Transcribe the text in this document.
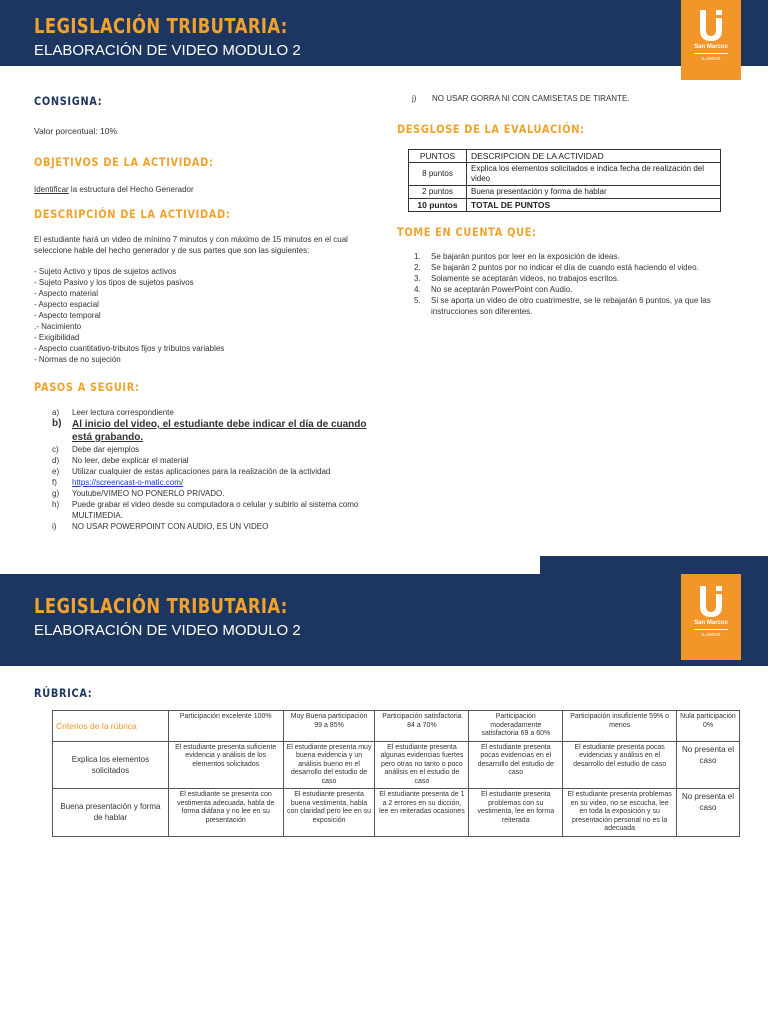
LEGISLACIÓN TRIBUTARIA:
ELABORACIÓN DE VIDEO MODULO 2	San Marcos
ILUMNO
CONSIGNA:
Valor porcentual: 10%
OBJETIVOS DE LA ACTIVIDAD:
Identificar la estructura del Hecho Generador
DESCRIPCIÓN DE LA ACTIVIDAD:
El estudiante hará un video de mínimo 7 minutos y con máximo de 15 minutos en el cual seleccione hable del hecho generador y de sus partes que son las siguientes:
- Sujeto Activo y tipos de sujetos activos
- Sujeto Pasivo y los tipos de sujetos pasivos
- Aspecto material
- Aspecto espacial
- Aspecto temporal
.- Nacimiento
- Exigibilidad
- Aspecto cuantitativo-tributos fijos y tributos variables
- Normas de no sujeción
PASOS A SEGUIR:
a)	Leer lectura correspondiente
b)	Al inicio del video, el estudiante debe indicar el día de cuando está grabando.
c)	Debe dar ejemplos
d)	No leer, debe explicar el material
e)	Utilizar cualquier de estas aplicaciones para la realización de la actividad
f)	https://screencast-o-matic.com/
g)	Youtube/VIMEO NO PONERLO PRIVADO.
h)	Puede grabar el video desde su computadora o celular y subirlo al sistema como MULTIMEDIA.
i)	NO USAR POWERPOINT CON AUDIO, ES UN VIDEO
j)	NO USAR GORRA NI CON CAMISETAS DE TIRANTE.
DESGLOSE DE LA EVALUACIÓN:
PUNTOS	DESCRIPCION DE LA ACTIVIDAD
8 puntos	Explica los elementos solicitados e indica fecha de realización del video
2 puntos	Buena presentación y forma de hablar
10 puntos	TOTAL DE PUNTOS
TOME EN CUENTA QUE:
1.	Se bajarán puntos por leer en la exposición de ideas.
2.	Se bajarán 2 puntos por no indicar el día de cuando está haciendo el video.
3.	Solamente se aceptarán videos, no trabajos escritos.
4.	No se aceptarán PowerPoint con Audio.
5.	Si se aporta un video de otro cuatrimestre, se le rebajarán 6 puntos, ya que las instrucciones son diferentes.
LEGISLACIÓN TRIBUTARIA:
ELABORACIÓN DE VIDEO MODULO 2	San Marcos
ILUMNO
RÚBRICA:
Criterios de la rúbrica	Participación excelente 100%	Muy Buena participación 99 a 85%	Participación satisfactoria 84 a 70%	Participación moderadamente satisfactoria 69 a 60%	Participación insuficiente 59% o menos	Nula participación 0%
Explica los elementos solicitados	El estudiante presenta suficiente evidencia y análisis de los elementos solicitados	El estudiante presenta muy buena evidencia y un análisis bueno en el desarrollo del estudio de caso	El estudiante presenta algunas evidencias fuertes pero otras no tanto o poco análisis en el estudio de caso	El estudiante presenta pocas evidencias en el desarrollo del estudio de caso	El estudiante presenta pocas evidencias y análisis en el desarrollo del estudio de caso	No presenta el caso
Buena presentación y forma de hablar	El estudiante se presenta con vestimenta adecuada, habla de forma diáfana y no lee en su presentación	El estudiante presenta buena vestimenta, habla con claridad pero lee en su exposición	El estudiante presenta de 1 a 2 errores en su dicción, lee en reiteradas ocasiones	El estudiante presenta problemas con su vestimenta, lee en forma reiterada	El estudiante presenta problemas en su video, no se escucha, lee en toda la exposición y su presentación personal no es la adecuada	No presenta el caso
